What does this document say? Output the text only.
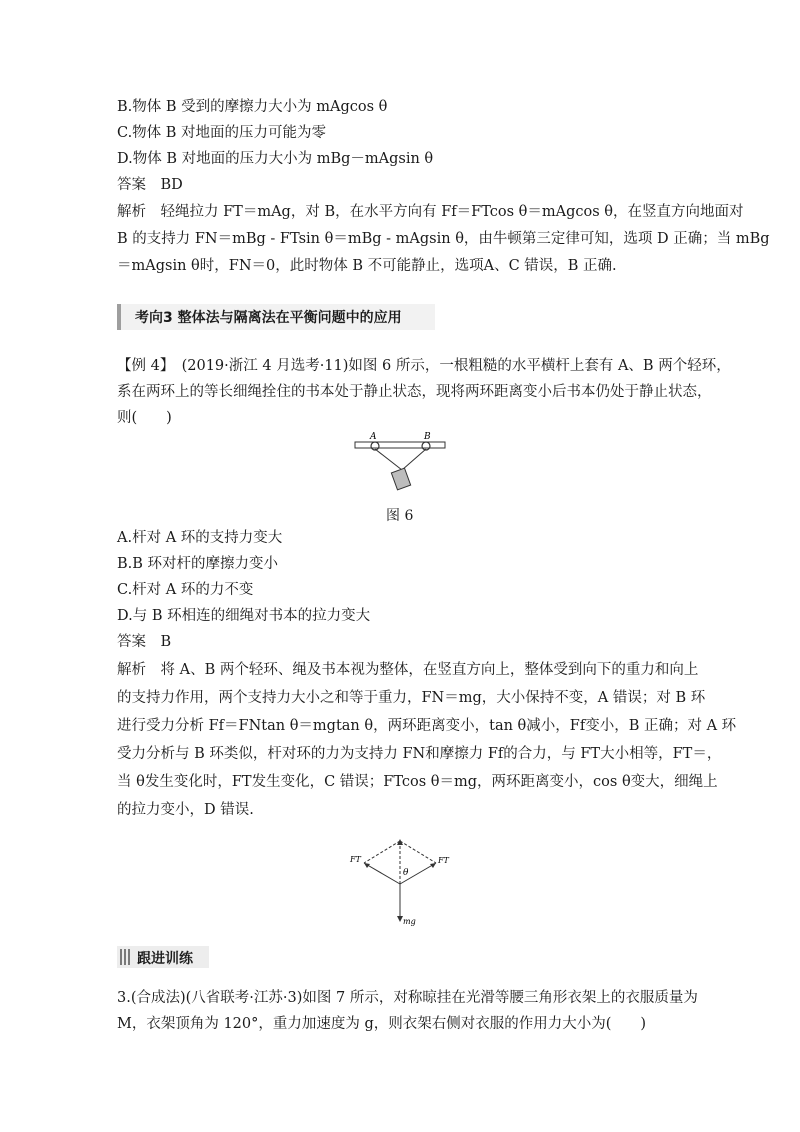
B.物体 B 受到的摩擦力大小为 mAgcos θ
C.物体 B 对地面的压力可能为零
D.物体 B 对地面的压力大小为 mBg－mAgsin θ
答案　BD
解析　轻绳拉力 FT＝mAg，对 B，在水平方向有 Ff＝FTcos θ＝mAgcos θ，在竖直方向地面对
B 的支持力 FN＝mBg - FTsin θ＝mBg - mAgsin θ，由牛顿第三定律可知，选项 D 正确；当 mBg
＝mAgsin θ时，FN＝0，此时物体 B 不可能静止，选项A、C 错误，B 正确.
考向3 整体法与隔离法在平衡问题中的应用
【例 4】　(2019·浙江 4 月选考·11)如图 6 所示，一根粗糙的水平横杆上套有 A、B 两个轻环，
系在两环上的等长细绳拴住的书本处于静止状态，现将两环距离变小后书本仍处于静止状态，
则(　　)
A	B
图 6
A.杆对 A 环的支持力变大
B.B 环对杆的摩擦力变小
C.杆对 A 环的力不变
D.与 B 环相连的细绳对书本的拉力变大
答案　B
解析　将 A、B 两个轻环、绳及书本视为整体，在竖直方向上，整体受到向下的重力和向上
的支持力作用，两个支持力大小之和等于重力，FN＝mg，大小保持不变，A 错误；对 B 环
进行受力分析 Ff＝FNtan θ＝mgtan θ，两环距离变小，tan θ减小，Ff变小，B 正确；对 A 环
受力分析与 B 环类似，杆对环的力为支持力 FN和摩擦力 Ff的合力，与 FT大小相等，FT＝，
当 θ发生变化时，FT发生变化，C 错误；FTcos θ＝mg，两环距离变小，cos θ变大，细绳上
的拉力变小，D 错误.
FT	FT
θ
mg
跟进训练
3.(合成法)(八省联考·江苏·3)如图 7 所示，对称晾挂在光滑等腰三角形衣架上的衣服质量为
M，衣架顶角为 120°，重力加速度为 g，则衣架右侧对衣服的作用力大小为(　　)
